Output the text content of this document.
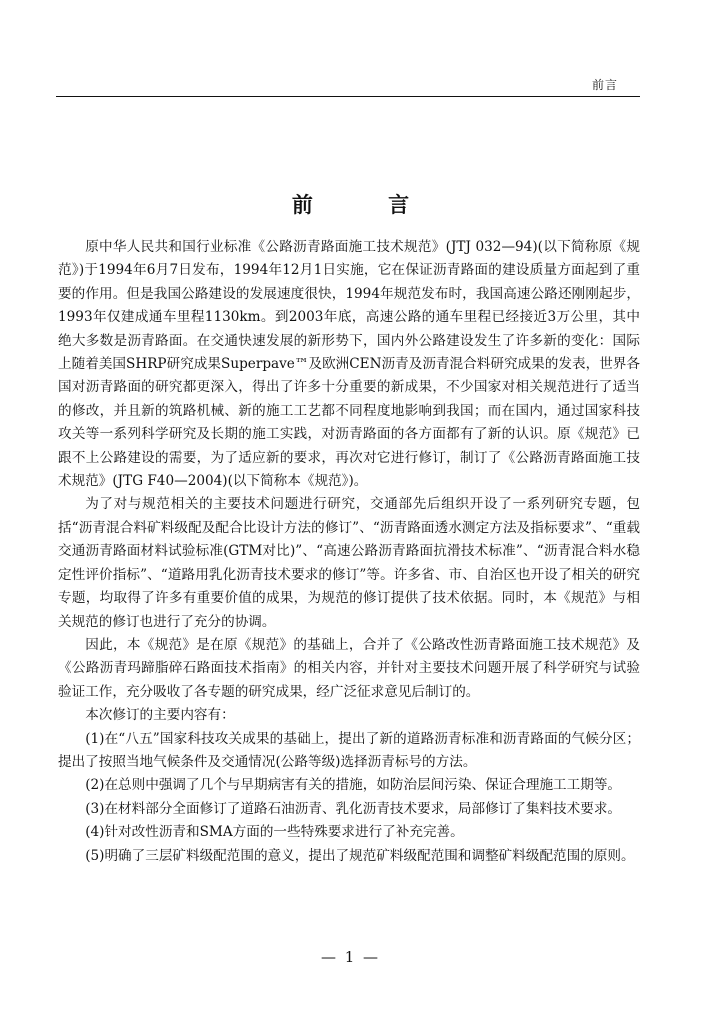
前言
前 言

原中华人民共和国行业标准《公路沥青路面施工技术规范》(JTJ 032—94)(以下简称原《规范》)于1994年6月7日发布，1994年12月1日实施，它在保证沥青路面的建设质量方面起到了重要的作用。但是我国公路建设的发展速度很快，1994年规范发布时，我国高速公路还刚刚起步，1993年仅建成通车里程1130km。到2003年底，高速公路的通车里程已经接近3万公里，其中绝大多数是沥青路面。在交通快速发展的新形势下，国内外公路建设发生了许多新的变化：国际上随着美国SHRP研究成果Superpave™及欧洲CEN沥青及沥青混合料研究成果的发表，世界各国对沥青路面的研究都更深入，得出了许多十分重要的新成果，不少国家对相关规范进行了适当的修改，并且新的筑路机械、新的施工工艺都不同程度地影响到我国；而在国内，通过国家科技攻关等一系列科学研究及长期的施工实践，对沥青路面的各方面都有了新的认识。原《规范》已跟不上公路建设的需要，为了适应新的要求，再次对它进行修订，制订了《公路沥青路面施工技术规范》(JTG F40—2004)(以下简称本《规范》)。

为了对与规范相关的主要技术问题进行研究，交通部先后组织开设了一系列研究专题，包括“沥青混合料矿料级配及配合比设计方法的修订”、“沥青路面透水测定方法及指标要求”、“重载交通沥青路面材料试验标准(GTM对比)”、“高速公路沥青路面抗滑技术标准”、“沥青混合料水稳定性评价指标”、“道路用乳化沥青技术要求的修订”等。许多省、市、自治区也开设了相关的研究专题，均取得了许多有重要价值的成果，为规范的修订提供了技术依据。同时，本《规范》与相关规范的修订也进行了充分的协调。

因此，本《规范》是在原《规范》的基础上，合并了《公路改性沥青路面施工技术规范》及《公路沥青玛蹄脂碎石路面技术指南》的相关内容，并针对主要技术问题开展了科学研究与试验验证工作，充分吸收了各专题的研究成果，经广泛征求意见后制订的。

本次修订的主要内容有：

(1)在“八五”国家科技攻关成果的基础上，提出了新的道路沥青标准和沥青路面的气候分区；提出了按照当地气候条件及交通情况(公路等级)选择沥青标号的方法。

(2)在总则中强调了几个与早期病害有关的措施，如防治层间污染、保证合理施工工期等。

(3)在材料部分全面修订了道路石油沥青、乳化沥青技术要求，局部修订了集料技术要求。

(4)针对改性沥青和SMA方面的一些特殊要求进行了补充完善。

(5)明确了三层矿料级配范围的意义，提出了规范矿料级配范围和调整矿料级配范围的原则。

— 1 —
